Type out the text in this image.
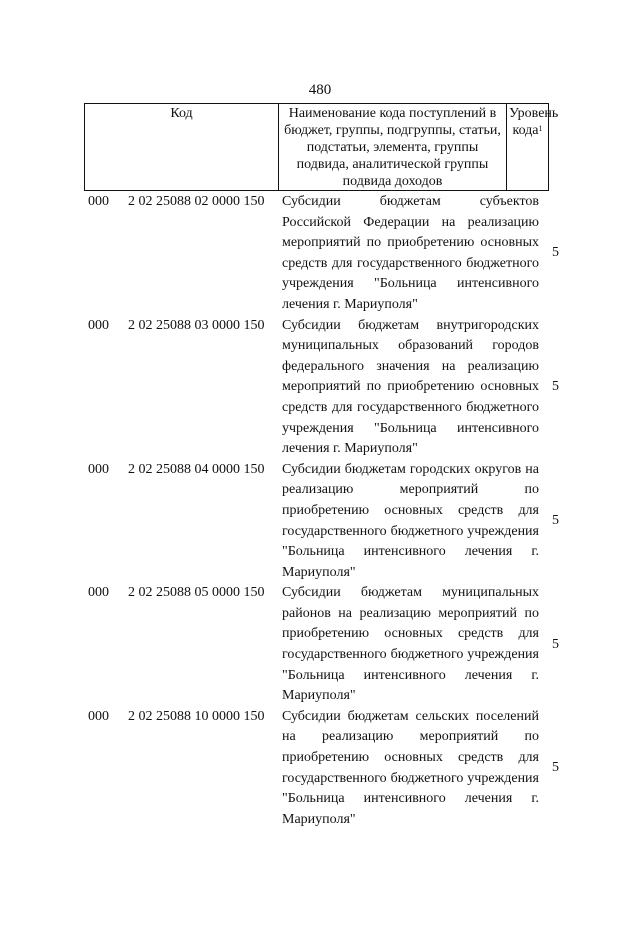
480
Код	Наименование кода поступлений в бюджет, группы, подгруппы, статьи, подстатьи, элемента, группы подвида, аналитической группы подвида доходов	Уровень кода$^1$
000	2 02 25088 02 0000 150	Субсидии бюджетам субъектов Российской Федерации на реализацию мероприятий по приобретению основных средств для государственного бюджетного учреждения "Больница интенсивного лечения г. Мариуполя"
5
000	2 02 25088 03 0000 150	Субсидии бюджетам внутригородских муниципальных образований городов федерального значения на реализацию мероприятий по приобретению основных средств для государственного бюджетного учреждения "Больница интенсивного лечения г. Мариуполя"
5
000	2 02 25088 04 0000 150	Субсидии бюджетам городских округов на реализацию мероприятий по приобретению основных средств для государственного бюджетного учреждения "Больница интенсивного лечения г. Мариуполя"
5
000	2 02 25088 05 0000 150	Субсидии бюджетам муниципальных районов на реализацию мероприятий по приобретению основных средств для государственного бюджетного учреждения "Больница интенсивного лечения г. Мариуполя"
5
000	2 02 25088 10 0000 150	Субсидии бюджетам сельских поселений на реализацию мероприятий по приобретению основных средств для государственного бюджетного учреждения "Больница интенсивного лечения г. Мариуполя"
5
